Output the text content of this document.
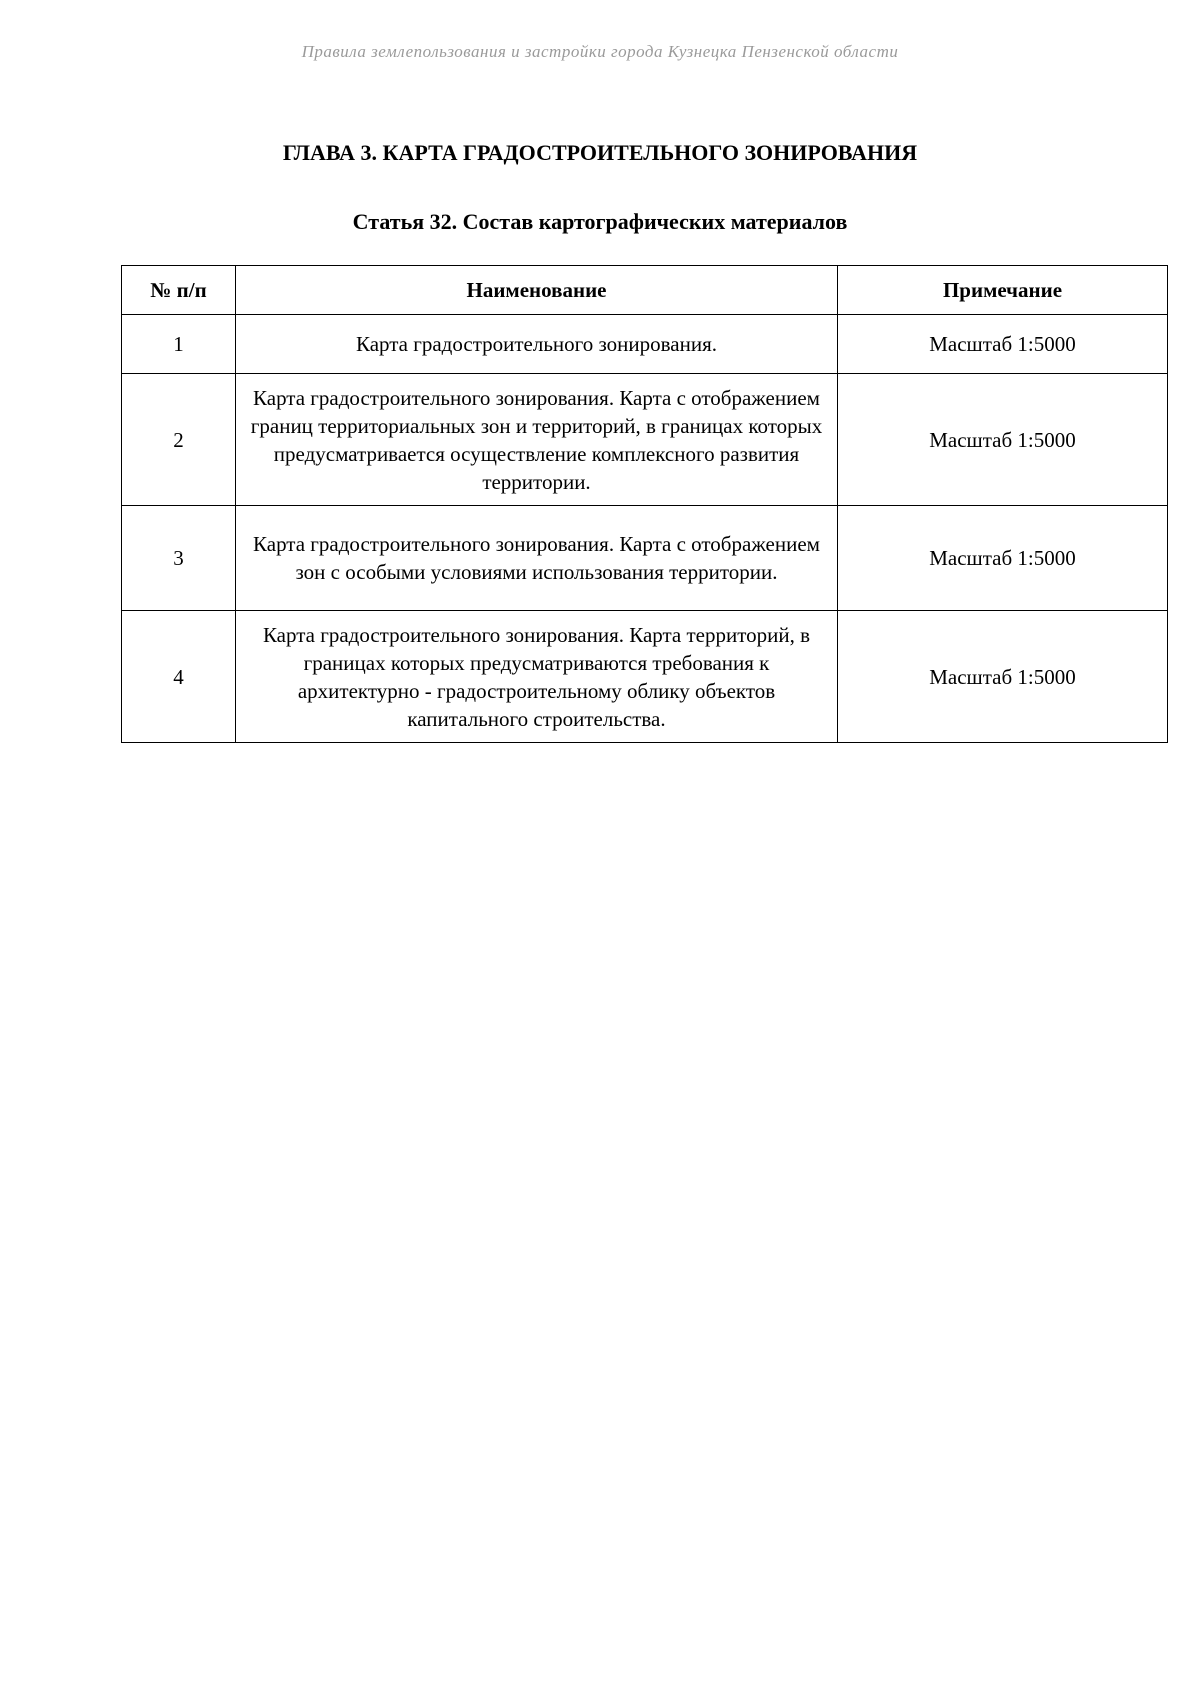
Правила землепользования и застройки города Кузнецка Пензенской области
ГЛАВА 3. КАРТА ГРАДОСТРОИТЕЛЬНОГО ЗОНИРОВАНИЯ
Статья 32. Состав картографических материалов
№ п/п	Наименование	Примечание
1	Карта градостроительного зонирования.	Масштаб 1:5000
2	Карта градостроительного зонирования. Карта с отображением границ территориальных зон и территорий, в границах которых предусматривается осуществление комплексного развития территории.	Масштаб 1:5000
3	Карта градостроительного зонирования. Карта с отображением зон с особыми условиями использования территории.	Масштаб 1:5000
4	Карта градостроительного зонирования. Карта территорий, в границах которых предусматриваются требования к архитектурно - градостроительному облику объектов капитального строительства.	Масштаб 1:5000
